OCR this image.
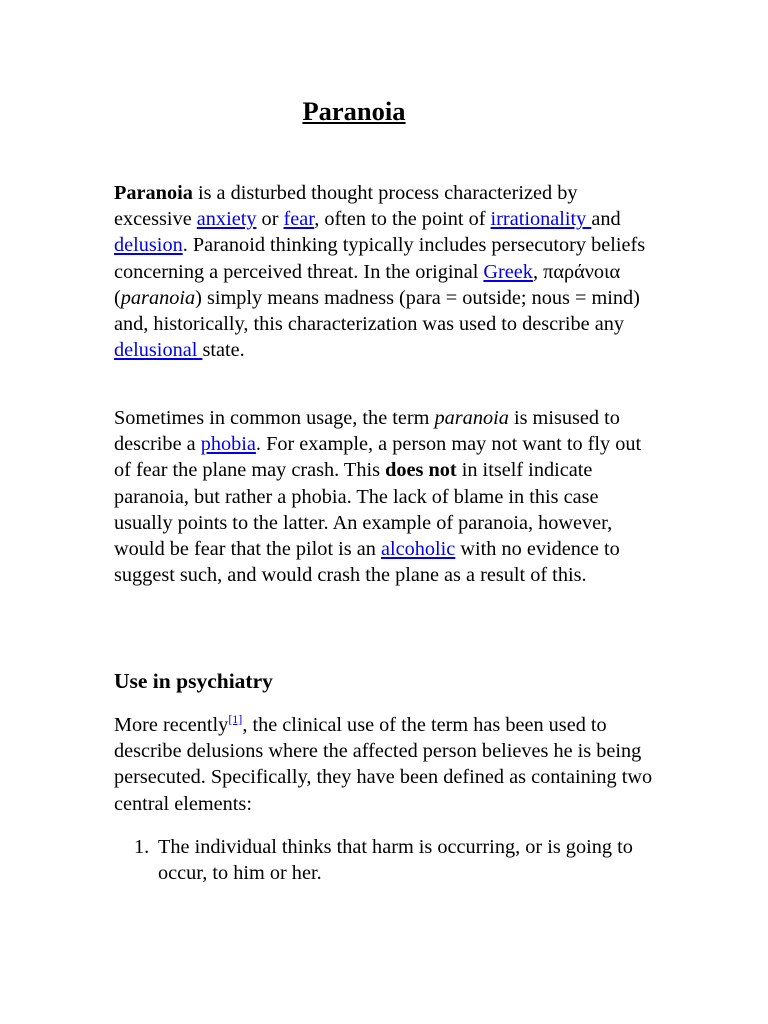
Paranoia

Paranoia is a disturbed thought process characterized by excessive anxiety or fear, often to the point of irrationality and delusion. Paranoid thinking typically includes persecutory beliefs concerning a perceived threat. In the original Greek, παράνοια (paranoia) simply means madness (para = outside; nous = mind) and, historically, this characterization was used to describe any delusional state.

Sometimes in common usage, the term paranoia is misused to describe a phobia. For example, a person may not want to fly out of fear the plane may crash. This does not in itself indicate paranoia, but rather a phobia. The lack of blame in this case usually points to the latter. An example of paranoia, however, would be fear that the pilot is an alcoholic with no evidence to suggest such, and would crash the plane as a result of this.

Use in psychiatry

More recently[1], the clinical use of the term has been used to describe delusions where the affected person believes he is being persecuted. Specifically, they have been defined as containing two central elements:

1. The individual thinks that harm is occurring, or is going to occur, to him or her.
